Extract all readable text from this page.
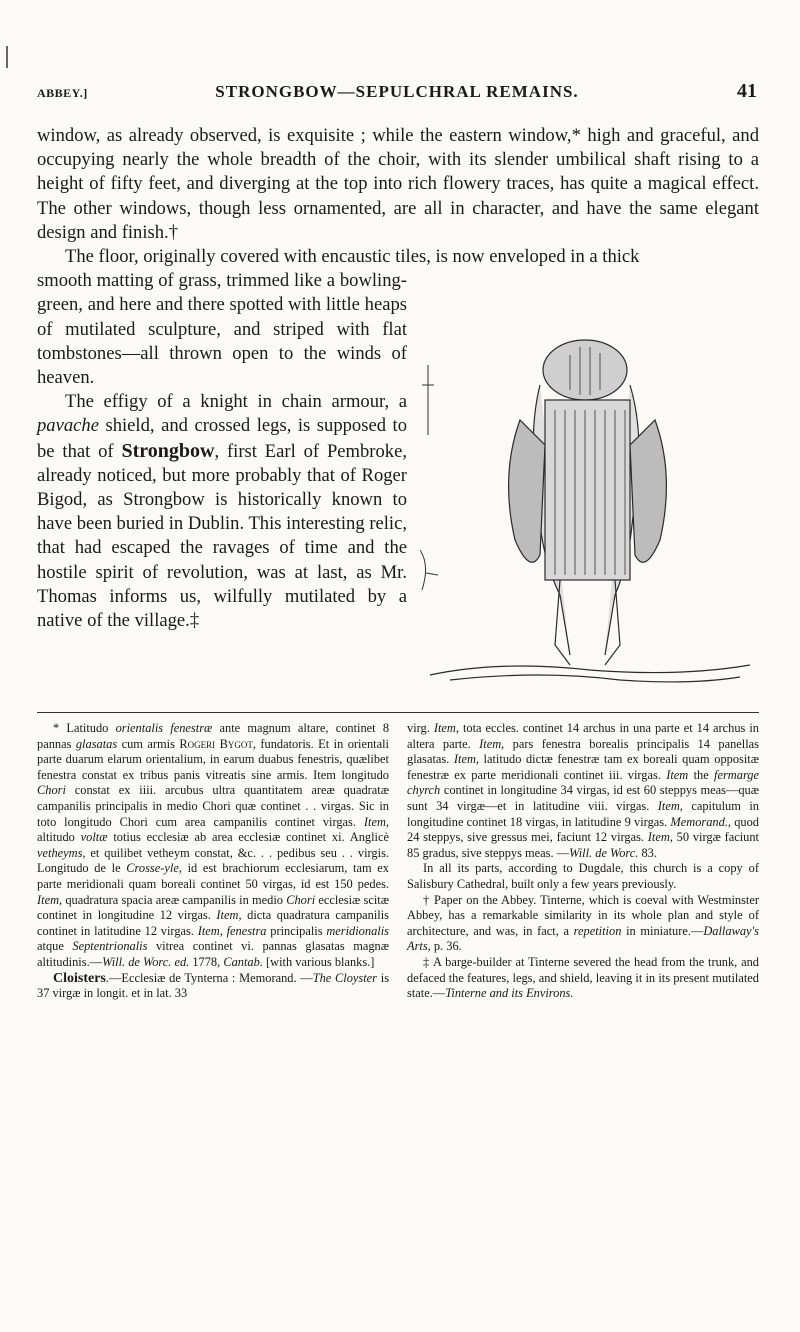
ABBEY.]	STRONGBOW—SEPULCHRAL REMAINS.	41

window, as already observed, is exquisite ; while the eastern window,* high and graceful, and occupying nearly the whole breadth of the choir, with its slender umbilical shaft rising to a height of fifty feet, and diverging at the top into rich flowery traces, has quite a magical effect. The other windows, though less ornamented, are all in character, and have the same elegant design and finish.†

The floor, originally covered with encaustic tiles, is now enveloped in a thick

smooth matting of grass, trimmed like a bowling-green, and here and there spotted with little heaps of mutilated sculpture, and striped with flat tombstones—all thrown open to the winds of heaven.

The effigy of a knight in chain armour, a pavache shield, and crossed legs, is supposed to be that of Strongbow, first Earl of Pembroke, already noticed, but more probably that of Roger Bigod, as Strongbow is historically known to have been buried in Dublin. This interesting relic, that had escaped the ravages of time and the hostile spirit of revolution, was at last, as Mr. Thomas informs us, wilfully mutilated by a native of the village.‡

* Latitudo orientalis fenestræ ante magnum altare, continet 8 pannas glasatas cum armis Rogeri Bygot, fundatoris. Et in orientali parte duarum elarum orientalium, in earum duabus fenestris, quælibet fenestra constat ex tribus panis vitreatis sine armis. Item longitudo Chori constat ex iiii. arcubus ultra quantitatem areæ quadratæ campanilis principalis in medio Chori quæ continet . . virgas. Sic in toto longitudo Chori cum area campanilis continet virgas. Item, altitudo voltæ totius ecclesiæ ab area ecclesiæ continet xi. Anglicè vetheyms, et quilibet vetheym constat, &c. . . pedibus seu . . virgis. Longitudo de le Crosse-yle, id est brachiorum ecclesiarum, tam ex parte meridionali quam boreali continet 50 virgas, id est 150 pedes. Item, quadratura spacia areæ campanilis in medio Chori ecclesiæ scitæ continet in longitudine 12 virgas. Item, dicta quadratura campanilis continet in latitudine 12 virgas. Item, fenestra principalis meridionalis atque Septentrionalis vitrea continet vi. pannas glasatas magnæ altitudinis.—Will. de Worc. ed. 1778, Cantab. [with various blanks.]

Cloisters.—Ecclesiæ de Tynterna : Memorand. —The Cloyster is 37 virgæ in longit. et in lat. 33

virg. Item, tota eccles. continet 14 archus in una parte et 14 archus in altera parte. Item, pars fenestra borealis principalis 14 panellas glasatas. Item, latitudo dictæ fenestræ tam ex boreali quam oppositæ fenestræ ex parte meridionali continet iii. virgas. Item the fermarge chyrch continet in longitudine 34 virgas, id est 60 steppys meas—quæ sunt 34 virgæ—et in latitudine viii. virgas. Item, capitulum in longitudine continet 18 virgas, in latitudine 9 virgas. Memorand., quod 24 steppys, sive gressus mei, faciunt 12 virgas. Item, 50 virgæ faciunt 85 gradus, sive steppys meas. —Will. de Worc. 83.

In all its parts, according to Dugdale, this church is a copy of Salisbury Cathedral, built only a few years previously.

† Paper on the Abbey. Tinterne, which is coeval with Westminster Abbey, has a remarkable similarity in its whole plan and style of architecture, and was, in fact, a repetition in miniature.—Dallaway's Arts, p. 36.

‡ A barge-builder at Tinterne severed the head from the trunk, and defaced the features, legs, and shield, leaving it in its present mutilated state.—Tinterne and its Environs.
